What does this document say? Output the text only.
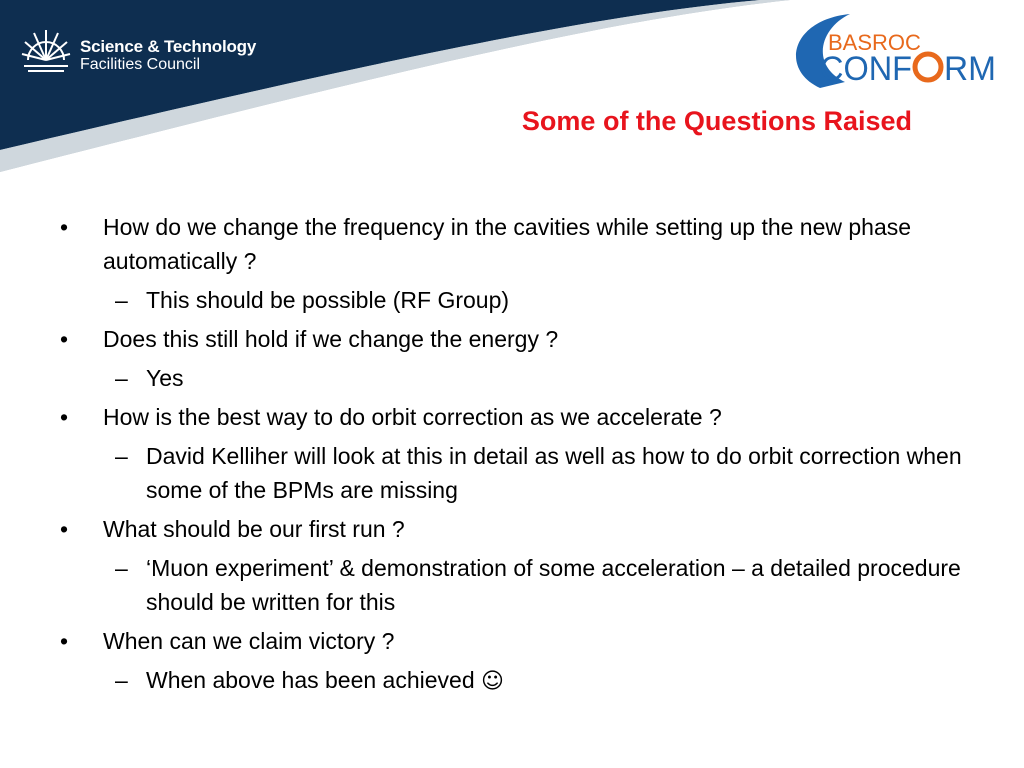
Science & Technology
Facilities Council
BASROC
CONF RM
Some of the Questions Raised
• How do we change the frequency in the cavities while setting up the new phase automatically ?
– This should be possible (RF Group)
• Does this still hold if we change the energy ?
– Yes
• How is the best way to do orbit correction as we accelerate ?
– David Kelliher will look at this in detail as well as how to do orbit correction when some of the BPMs are missing
• What should be our first run ?
– ‘Muon experiment’ & demonstration of some acceleration – a detailed procedure should be written for this
• When can we claim victory ?
– When above has been achieved ☺
